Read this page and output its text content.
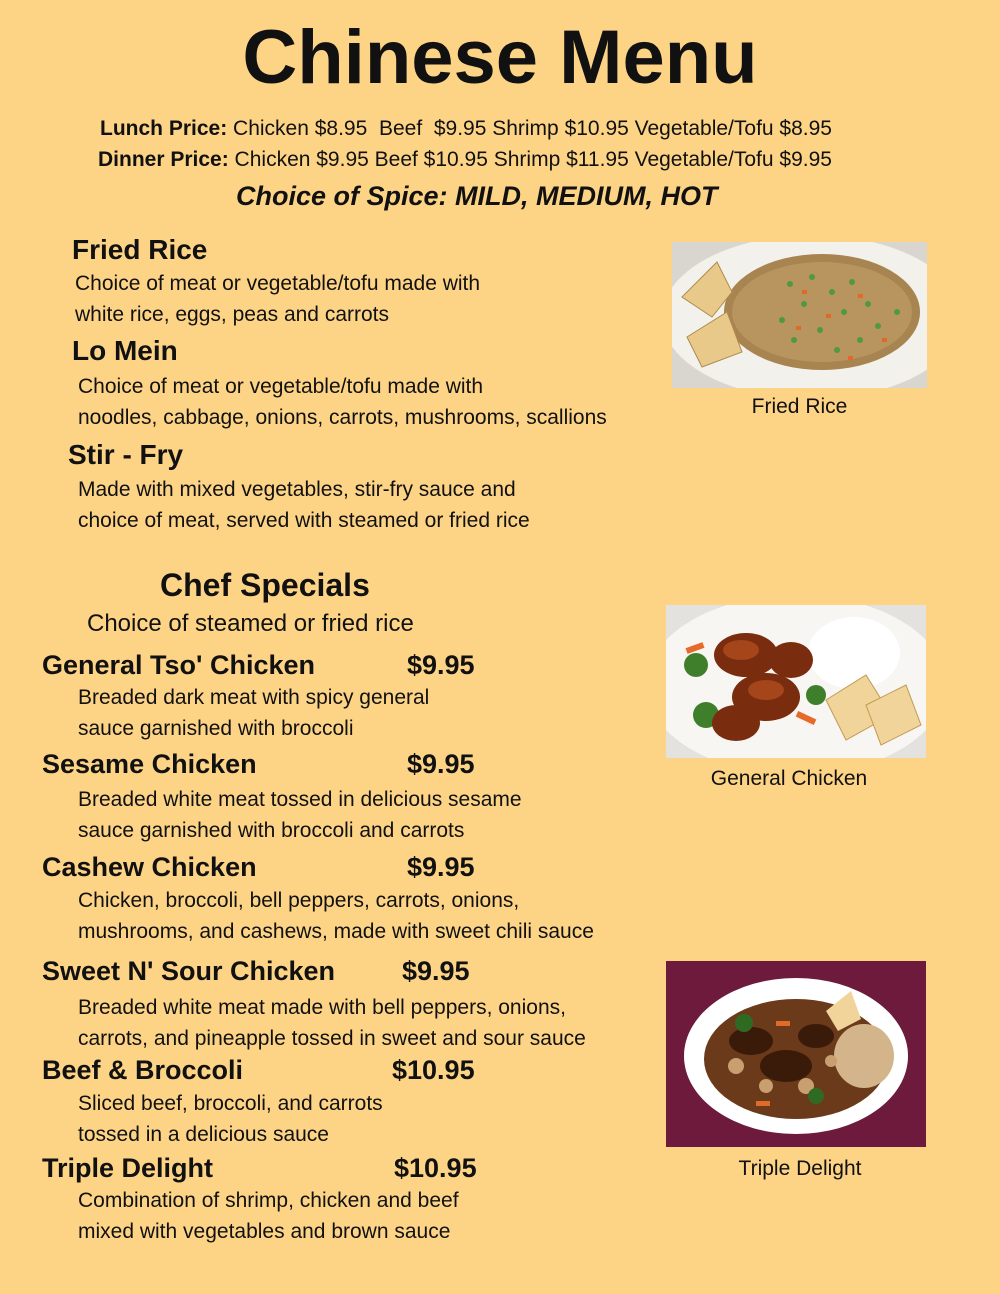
Chinese Menu
Lunch Price: Chicken $8.95  Beef  $9.95 Shrimp $10.95 Vegetable/Tofu $8.95
Dinner Price: Chicken $9.95 Beef $10.95 Shrimp $11.95 Vegetable/Tofu $9.95
Choice of Spice: MILD, MEDIUM, HOT
Fried Rice
Choice of meat or vegetable/tofu made with
white rice, eggs, peas and carrots
Lo Mein
Choice of meat or vegetable/tofu made with
noodles, cabbage, onions, carrots, mushrooms, scallions
Stir - Fry
Made with mixed vegetables, stir-fry sauce and
choice of meat, served with steamed or fried rice
Chef Specials
Choice of steamed or fried rice
General Tso' Chicken	$9.95
Breaded dark meat with spicy general
sauce garnished with broccoli
Sesame Chicken	$9.95
Breaded white meat tossed in delicious sesame
sauce garnished with broccoli and carrots
Cashew Chicken	$9.95
Chicken, broccoli, bell peppers, carrots, onions,
mushrooms, and cashews, made with sweet chili sauce
Sweet N' Sour Chicken $9.95
Breaded white meat made with bell peppers, onions,
carrots, and pineapple tossed in sweet and sour sauce
Beef & Broccoli	$10.95
Sliced beef, broccoli, and carrots
tossed in a delicious sauce
Triple Delight	$10.95
Combination of shrimp, chicken and beef
mixed with vegetables and brown sauce
Fried Rice
General Chicken
Triple Delight
